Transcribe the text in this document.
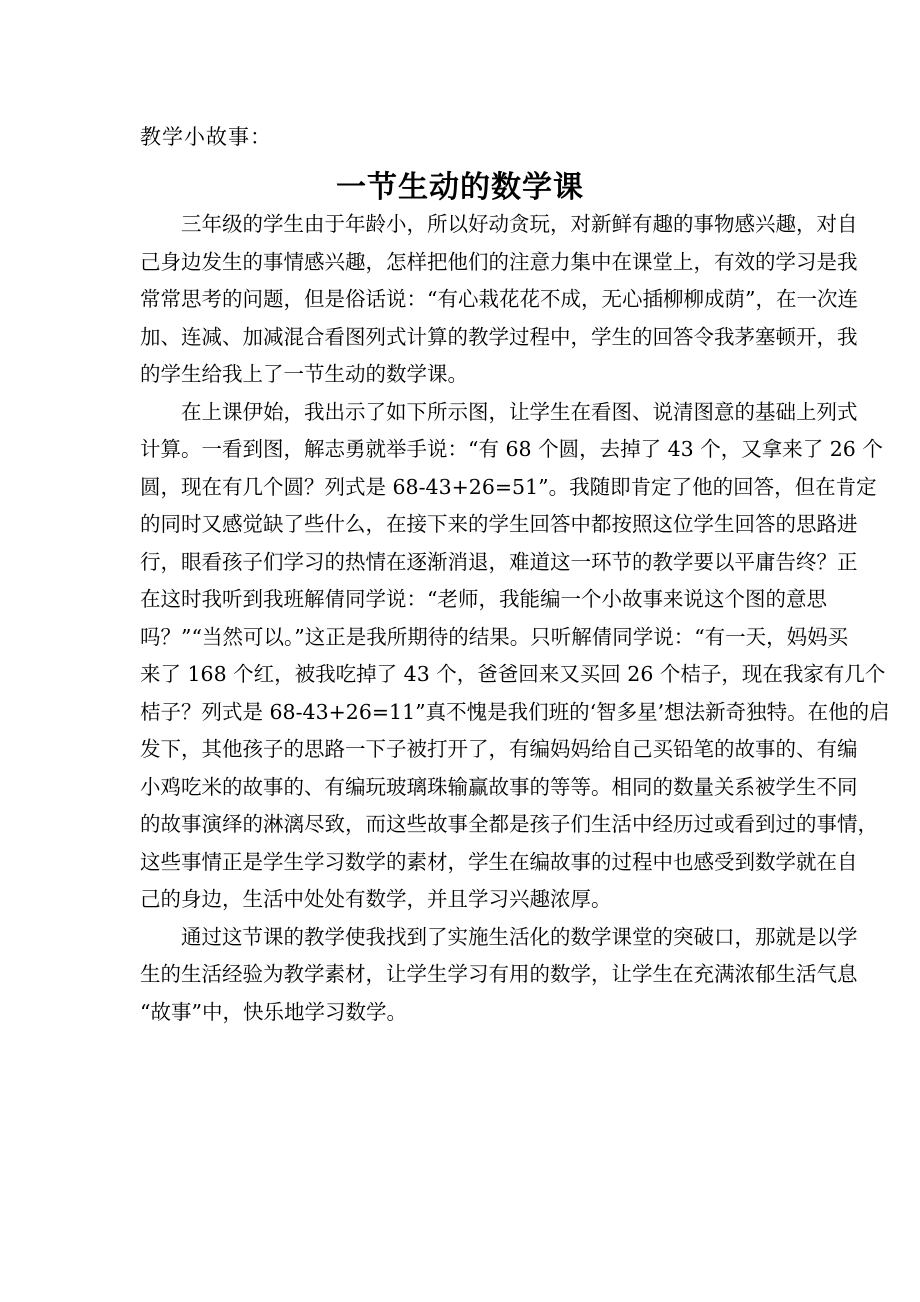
教学小故事：
一节生动的数学课
三年级的学生由于年龄小，所以好动贪玩，对新鲜有趣的事物感兴趣，对自
己身边发生的事情感兴趣，怎样把他们的注意力集中在课堂上，有效的学习是我
常常思考的问题，但是俗话说：“有心栽花花不成，无心插柳柳成荫”，在一次连
加、连减、加减混合看图列式计算的教学过程中，学生的回答令我茅塞顿开，我
的学生给我上了一节生动的数学课。
在上课伊始，我出示了如下所示图，让学生在看图、说清图意的基础上列式
计算。一看到图，解志勇就举手说：“有 68 个圆，去掉了 43 个，又拿来了 26 个
圆，现在有几个圆？列式是 68-43+26=51”。我随即肯定了他的回答，但在肯定
的同时又感觉缺了些什么，在接下来的学生回答中都按照这位学生回答的思路进
行，眼看孩子们学习的热情在逐渐消退，难道这一环节的教学要以平庸告终？正
在这时我听到我班解倩同学说：“老师，我能编一个小故事来说这个图的意思
吗？”“当然可以。”这正是我所期待的结果。只听解倩同学说：“有一天，妈妈买
来了 168 个红，被我吃掉了 43 个，爸爸回来又买回 26 个桔子，现在我家有几个
桔子？列式是 68-43+26=11”真不愧是我们班的‘智多星’想法新奇独特。在他的启
发下，其他孩子的思路一下子被打开了，有编妈妈给自己买铅笔的故事的、有编
小鸡吃米的故事的、有编玩玻璃珠输赢故事的等等。相同的数量关系被学生不同
的故事演绎的淋漓尽致，而这些故事全都是孩子们生活中经历过或看到过的事情，
这些事情正是学生学习数学的素材，学生在编故事的过程中也感受到数学就在自
己的身边，生活中处处有数学，并且学习兴趣浓厚。
通过这节课的教学使我找到了实施生活化的数学课堂的突破口，那就是以学
生的生活经验为教学素材，让学生学习有用的数学，让学生在充满浓郁生活气息
“故事”中，快乐地学习数学。
